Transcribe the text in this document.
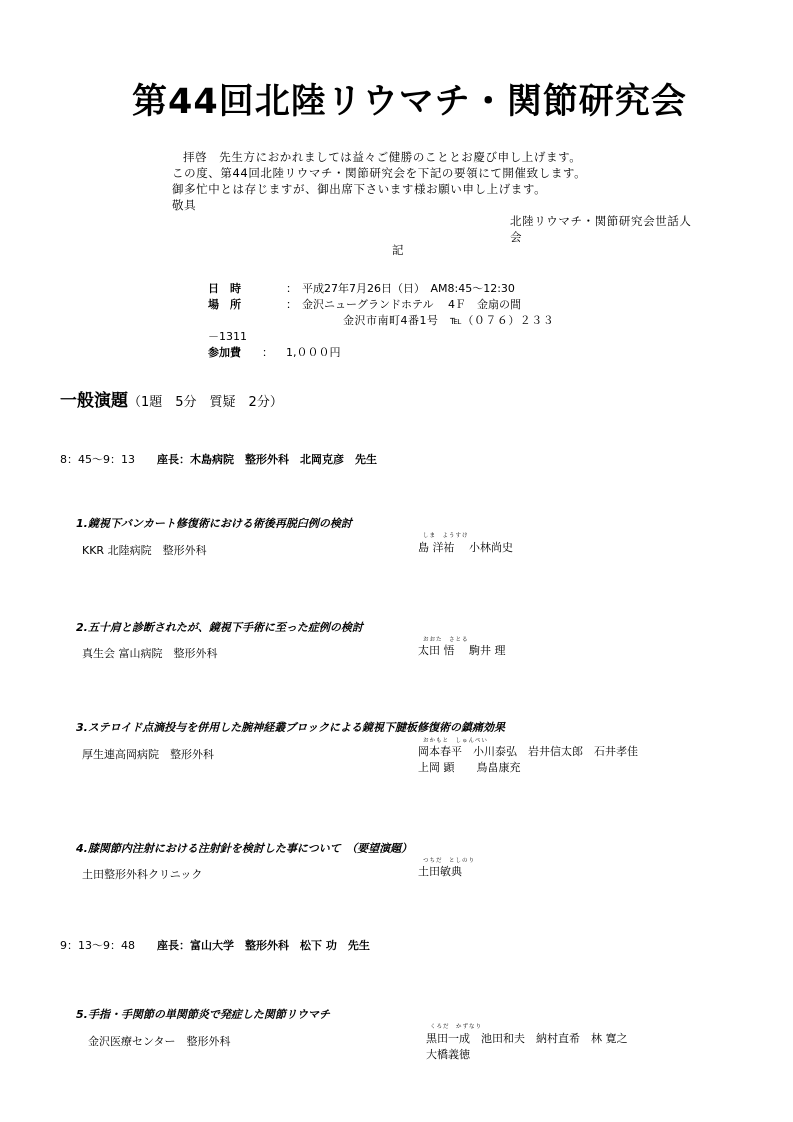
第44回北陸リウマチ・関節研究会
拝啓　先生方におかれましては益々ご健勝のこととお慶び申し上げます。
この度、第44回北陸リウマチ・関節研究会を下記の要領にて開催致します。
御多忙中とは存じますが、御出席下さいます様お願い申し上げます。
敬具
北陸リウマチ・関節研究会世話人
会
記
日　時	： 平成27年7月26日（日）　AM8:45～12:30
場　所	： 金沢ニューグランドホテル　 4Ｆ　金扇の間
金沢市南町4番1号　℡（０７６）２３３
－1311
参加費 ： 1,０００円
一般演題（1題　5分　質疑　2分）
8：45～9：13 座長：木島病院　整形外科　北岡克彦　先生
1.鏡視下バンカート修復術における術後再脱臼例の検討
しま　ようすけ
KKR 北陸病院　整形外科	島 洋祐　 小林尚史
2.五十肩と診断されたが、鏡視下手術に至った症例の検討
おおた　さとる
真生会 富山病院　整形外科	太田 悟　 駒井 理
3.ステロイド点滴投与を併用した腕神経叢ブロックによる鏡視下腱板修復術の鎮痛効果
おかもと　しゅんぺい
厚生連高岡病院　整形外科	岡本春平　小川泰弘　岩井信太郎　石井孝佳
上岡 顕　　鳥畠康充
4.膝関節内注射における注射針を検討した事について　（要望演題）
つちだ　としのり
土田整形外科クリニック	土田敏典
9：13～9：48 座長：富山大学　整形外科　松下 功　先生
5.手指・手関節の単関節炎で発症した関節リウマチ
くろだ　かずなり
金沢医療センター　整形外科	黒田一成　池田和夫　納村直希　林 寛之
大橋義徳
